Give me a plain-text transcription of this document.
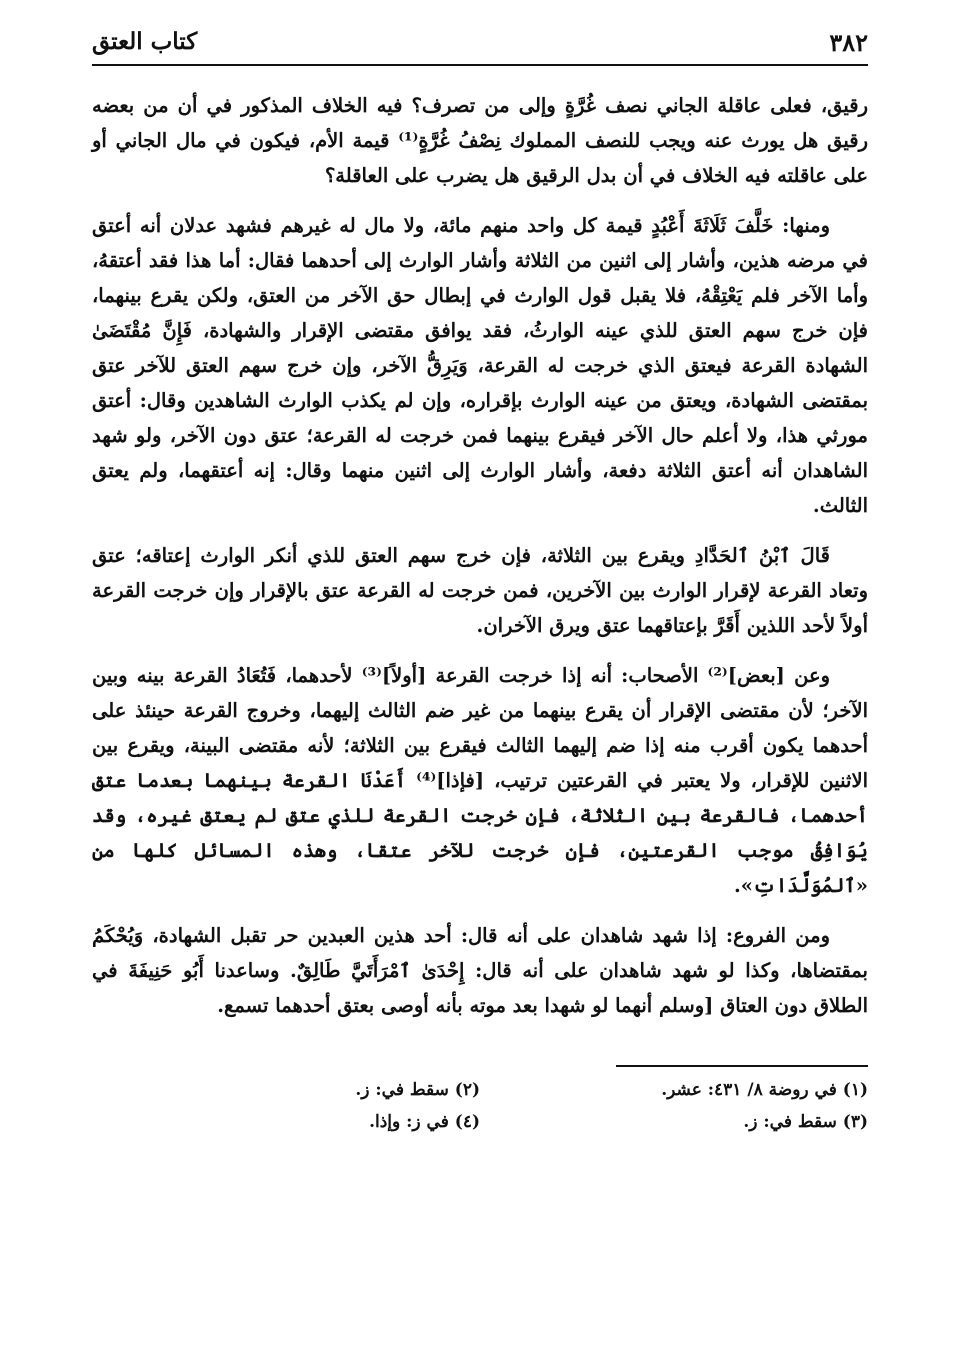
٣٨٢
كتاب العتق

رقيق، فعلى عاقلة الجاني نصف غُرَّةٍ وإلى من تصرف؟ فيه الخلاف المذكور في أن من بعضه رقيق هل يورث عنه ويجب للنصف المملوك نِصْفُ غُرَّةٍ⁽¹⁾ قيمة الأم، فيكون في مال الجاني أو على عاقلته فيه الخلاف في أن بدل الرقيق هل يضرب على العاقلة؟

ومنها: خَلَّفَ ثَلَاثَةَ أَعْبُدٍ قيمة كل واحد منهم مائة، ولا مال له غيرهم فشهد عدلان أنه أعتق في مرضه هذين، وأشار إلى اثنين من الثلاثة وأشار الوارث إلى أحدهما فقال: أما هذا فقد أعتقهُ، وأما الآخر فلم يَعْتِقْهُ، فلا يقبل قول الوارث في إبطال حق الآخر من العتق، ولكن يقرع بينهما، فإن خرج سهم العتق للذي عينه الوارثُ، فقد يوافق مقتضى الإقرار والشهادة، فَإِنَّ مُقْتَضَىٰ الشهادة القرعة فيعتق الذي خرجت له القرعة، وَيَرِقُّ الآخر، وإن خرج سهم العتق للآخر عتق بمقتضى الشهادة، ويعتق من عينه الوارث بإقراره، وإن لم يكذب الوارث الشاهدين وقال: أعتق مورثي هذا، ولا أعلم حال الآخر فيقرع بينهما فمن خرجت له القرعة؛ عتق دون الآخر، ولو شهد الشاهدان أنه أعتق الثلاثة دفعة، وأشار الوارث إلى اثنين منهما وقال: إنه أعتقهما، ولم يعتق الثالث.

قَالَ ٱبْنُ ٱلحَدَّادِ ويقرع بين الثلاثة، فإن خرج سهم العتق للذي أنكر الوارث إعتاقه؛ عتق وتعاد القرعة لإقرار الوارث بين الآخرين، فمن خرجت له القرعة عتق بالإقرار وإن خرجت القرعة أولاً لأحد اللذين أَقَرَّ بإعتاقهما عتق ويرق الآخران.

وعن [بعض]⁽²⁾ الأصحاب: أنه إذا خرجت القرعة [أولاً]⁽³⁾ لأحدهما، فَتُعَادُ القرعة بينه وبين الآخر؛ لأن مقتضى الإقرار أن يقرع بينهما من غير ضم الثالث إليهما، وخروج القرعة حينئذ على أحدهما يكون أقرب منه إذا ضم إليهما الثالث فيقرع بين الثلاثة؛ لأنه مقتضى البينة، ويقرع بين الاثنين للإقرار، ولا يعتبر في القرعتين ترتيب، [فإذا]⁽⁴⁾ أَعَدْنَا القرعة بينهما بعدما عتق أحدهما، فالقرعة بين الثلاثة، فإن خرجت القرعة للذي عتق لم يعتق غيره، وقد يُوَافِقُ موجب القرعتين، فإن خرجت للآخر عتقا، وهذه المسائل كلها من «ٱلمُوَلَّدَاتِ».

ومن الفروع: إذا شهد شاهدان على أنه قال: أحد هذين العبدين حر تقبل الشهادة، وَيُحْكَمُ بمقتضاها، وكذا لو شهد شاهدان على أنه قال: إِحْدَىٰ ٱمْرَأَتَيَّ طَالِقٌ. وساعدنا أَبُو حَنِيفَةَ في الطلاق دون العتاق [وسلم أنهما لو شهدا بعد موته بأنه أوصى بعتق أحدهما تسمع.

(١) في روضة ٨/ ٤٣١: عشر.
(٢) سقط في: ز.
(٣) سقط في: ز.
(٤) في ز: وإذا.
